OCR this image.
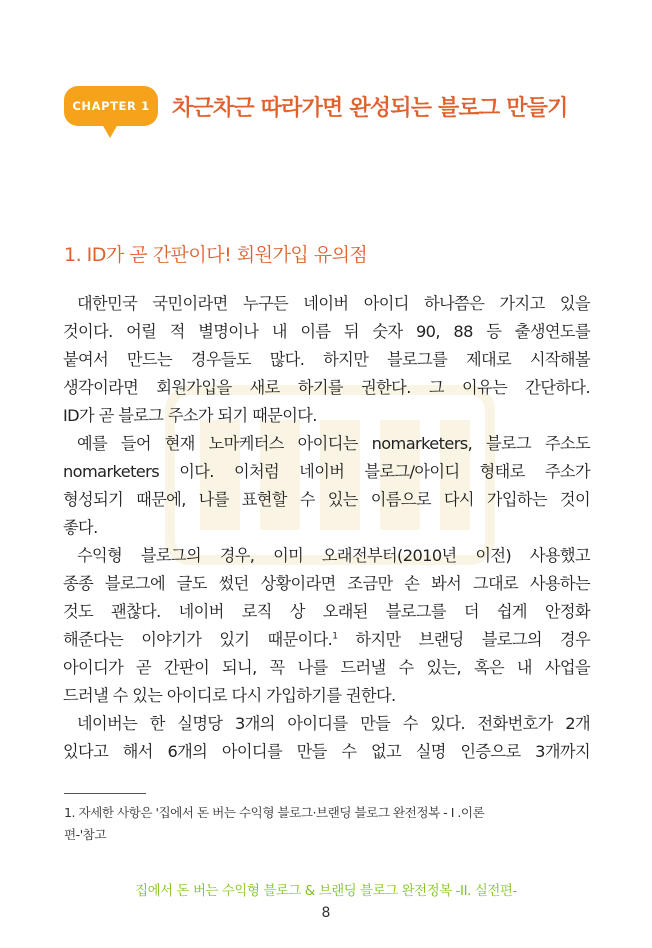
CHAPTER 1	차근차근 따라가면 완성되는 블로그 만들기
1. ID가 곧 간판이다! 회원가입 유의점
대한민국 국민이라면 누구든 네이버 아이디 하나쯤은 가지고 있을
것이다. 어릴 적 별명이나 내 이름 뒤 숫자 90, 88 등 출생연도를
붙여서 만드는 경우들도 많다. 하지만 블로그를 제대로 시작해볼
생각이라면 회원가입을 새로 하기를 권한다. 그 이유는 간단하다.
ID가 곧 블로그 주소가 되기 때문이다.
예를 들어 현재 노마케터스 아이디는 nomarketers, 블로그 주소도
nomarketers 이다. 이처럼 네이버 블로그/아이디 형태로 주소가
형성되기 때문에, 나를 표현할 수 있는 이름으로 다시 가입하는 것이
좋다.
수익형 블로그의 경우, 이미 오래전부터(2010년 이전) 사용했고
종종 블로그에 글도 썼던 상황이라면 조금만 손 봐서 그대로 사용하는
것도 괜찮다. 네이버 로직 상 오래된 블로그를 더 쉽게 안정화
해준다는 이야기가 있기 때문이다.$^1$ 하지만 브랜딩 블로그의 경우
아이디가 곧 간판이 되니, 꼭 나를 드러낼 수 있는, 혹은 내 사업을
드러낼 수 있는 아이디로 다시 가입하기를 권한다.
네이버는 한 실명당 3개의 아이디를 만들 수 있다. 전화번호가 2개
있다고 해서 6개의 아이디를 만들 수 없고 실명 인증으로 3개까지
1. 자세한 사항은 '집에서 돈 버는 수익형 블로그·브랜딩 블로그 완전정복 - I .이론
편-'참고
집에서 돈 버는 수익형 블로그 & 브랜딩 블로그 완전정복 -II. 실전편-
8
